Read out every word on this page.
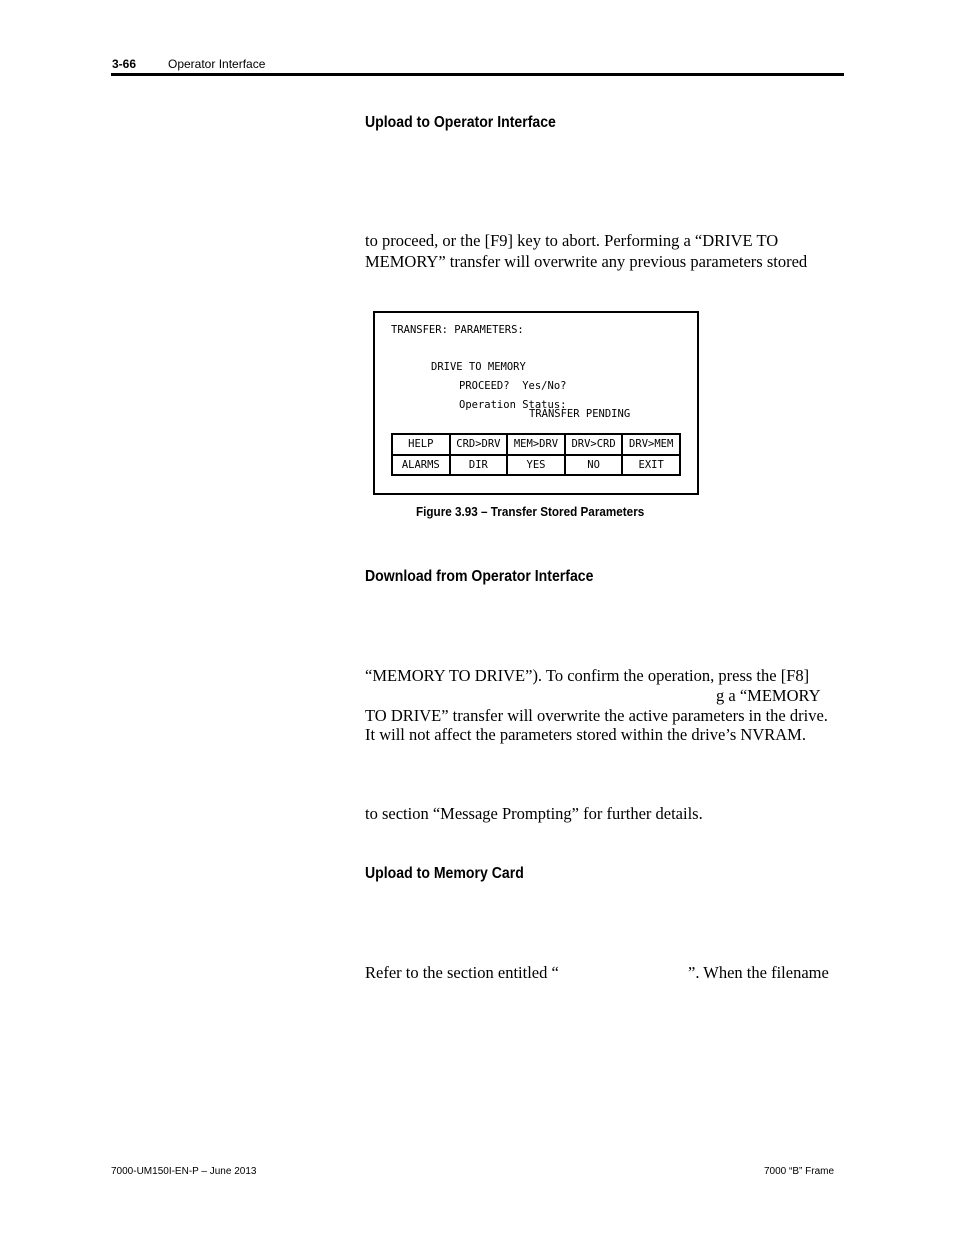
3-66	Operator Interface
Upload to Operator Interface
to proceed, or the [F9] key to abort. Performing a “DRIVE TO
MEMORY” transfer will overwrite any previous parameters stored
TRANSFER: PARAMETERS:
DRIVE TO MEMORY
PROCEED?  Yes/No?
Operation Status:
TRANSFER PENDING
HELP	CRD>DRV	MEM>DRV	DRV>CRD	DRV>MEM
ALARMS	DIR	YES	NO	EXIT
Figure 3.93 – Transfer Stored Parameters
Download from Operator Interface
“MEMORY TO DRIVE”). To confirm the operation, press the [F8]
g a “MEMORY
TO DRIVE” transfer will overwrite the active parameters in the drive.
It will not affect the parameters stored within the drive’s NVRAM.
to section “Message Prompting” for further details.
Upload to Memory Card
Refer to the section entitled “	”. When the filename
7000-UM150I-EN-P – June 2013	7000 “B” Frame
